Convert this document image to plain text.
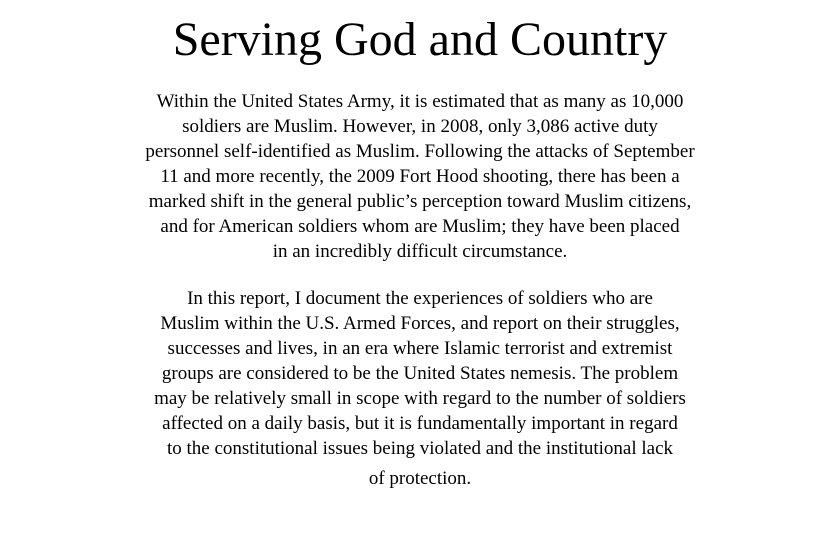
Serving God and Country
Within the United States Army, it is estimated that as many as 10,000
soldiers are Muslim. However, in 2008, only 3,086 active duty
personnel self-identified as Muslim. Following the attacks of September
11 and more recently, the 2009 Fort Hood shooting, there has been a
marked shift in the general public’s perception toward Muslim citizens,
and for American soldiers whom are Muslim; they have been placed
in an incredibly difficult circumstance.
In this report, I document the experiences of soldiers who are
Muslim within the U.S. Armed Forces, and report on their struggles,
successes and lives, in an era where Islamic terrorist and extremist
groups are considered to be the United States nemesis. The problem
may be relatively small in scope with regard to the number of soldiers
affected on a daily basis, but it is fundamentally important in regard
to the constitutional issues being violated and the institutional lack
of protection.
